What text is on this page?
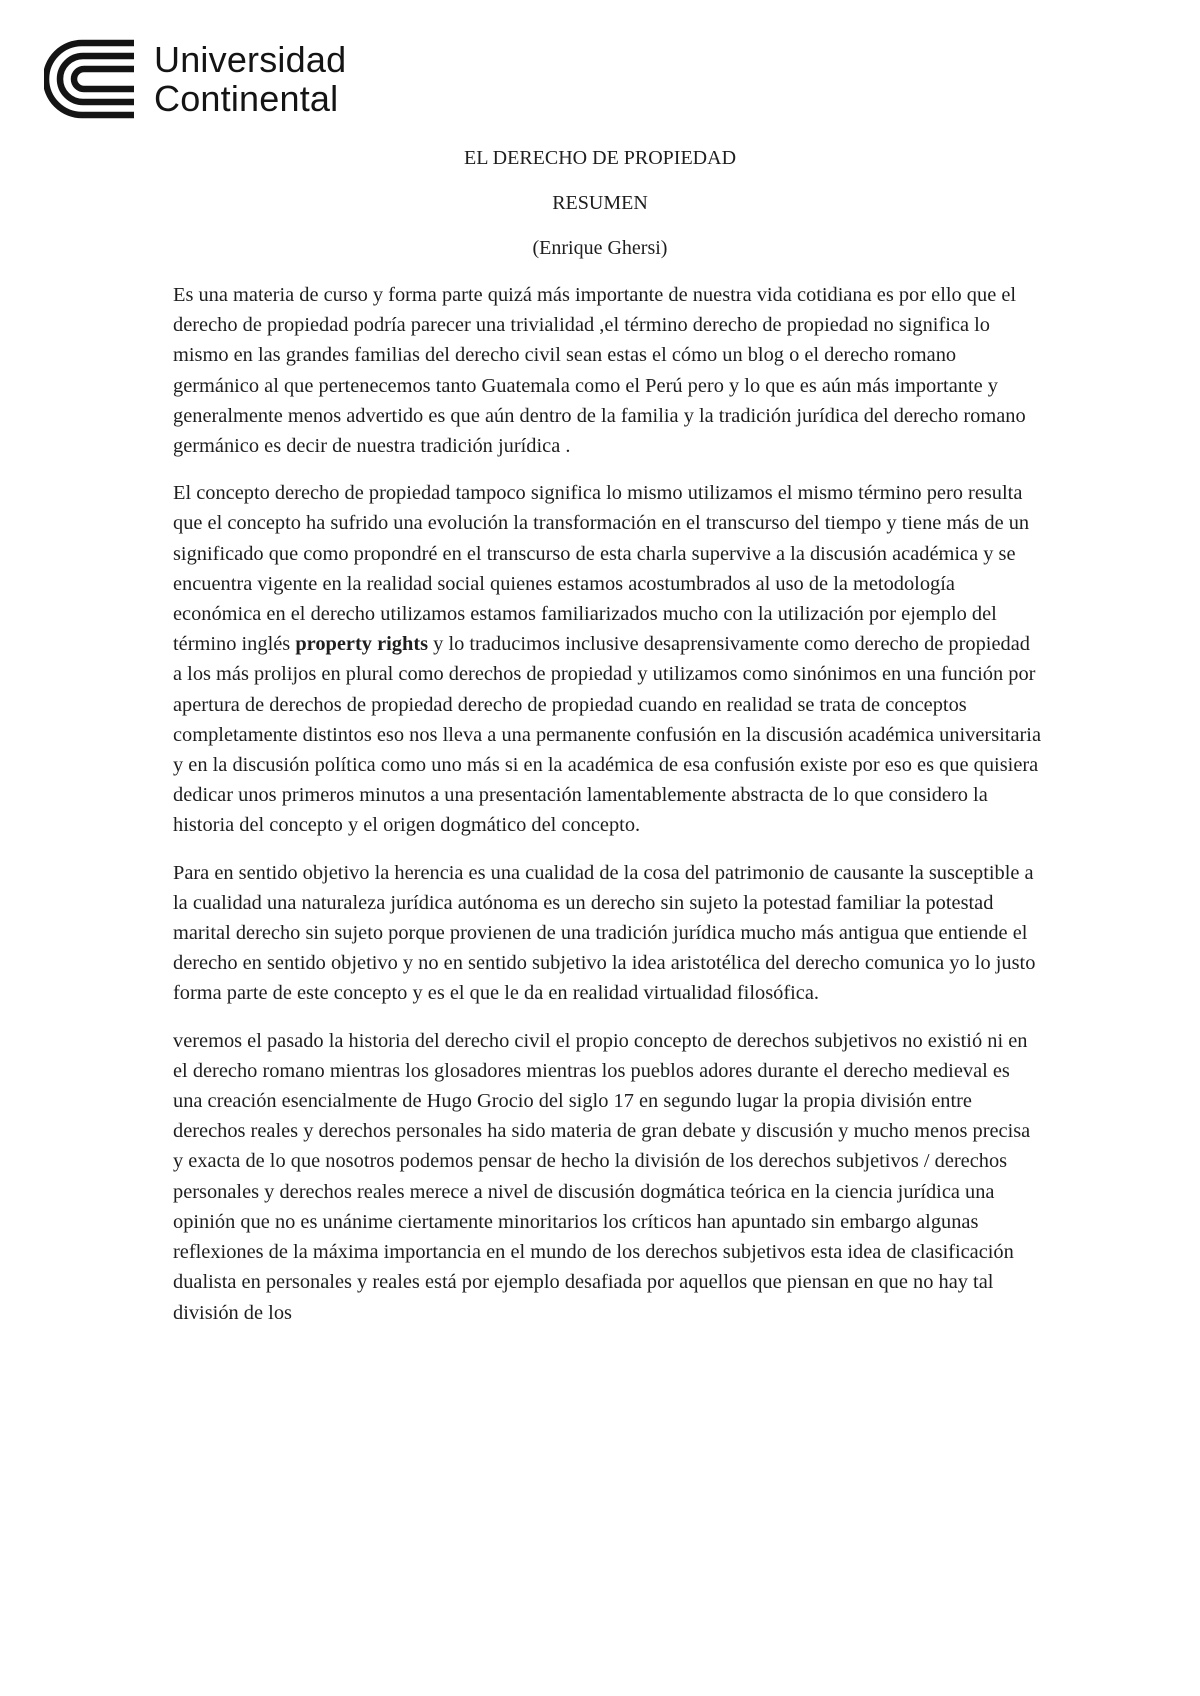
Universidad
Continental
EL DERECHO DE PROPIEDAD
RESUMEN
(Enrique Ghersi)

Es una materia de curso y forma parte quizá más importante de nuestra vida cotidiana es por ello que el derecho de propiedad podría parecer una trivialidad ,el término derecho de propiedad no significa lo mismo en las grandes familias del derecho civil sean estas el cómo un blog o el derecho romano germánico al que pertenecemos tanto Guatemala como el Perú pero y lo que es aún más importante y generalmente menos advertido es que aún dentro de la familia y la tradición jurídica del derecho romano germánico es decir de nuestra tradición jurídica .

El concepto derecho de propiedad tampoco significa lo mismo utilizamos el mismo término pero resulta que el concepto ha sufrido una evolución la transformación en el transcurso del tiempo y tiene más de un significado que como propondré en el transcurso de esta charla supervive a la discusión académica y se encuentra vigente en la realidad social quienes estamos acostumbrados al uso de la metodología económica en el derecho utilizamos estamos familiarizados mucho con la utilización por ejemplo del término inglés property rights y lo traducimos inclusive desaprensivamente como derecho de propiedad a los más prolijos en plural como derechos de propiedad y utilizamos como sinónimos en una función por apertura de derechos de propiedad derecho de propiedad cuando en realidad se trata de conceptos completamente distintos eso nos lleva a una permanente confusión en la discusión académica universitaria y en la discusión política como uno más si en la académica de esa confusión existe por eso es que quisiera dedicar unos primeros minutos a una presentación lamentablemente abstracta de lo que considero la historia del concepto y el origen dogmático del concepto.

Para en sentido objetivo la herencia es una cualidad de la cosa del patrimonio de causante la susceptible a la cualidad una naturaleza jurídica autónoma es un derecho sin sujeto la potestad familiar la potestad marital derecho sin sujeto porque provienen de una tradición jurídica mucho más antigua que entiende el derecho en sentido objetivo y no en sentido subjetivo la idea aristotélica del derecho comunica yo lo justo forma parte de este concepto y es el que le da en realidad virtualidad filosófica.

veremos el pasado la historia del derecho civil el propio concepto de derechos subjetivos no existió ni en el derecho romano mientras los glosadores mientras los pueblos adores durante el derecho medieval es una creación esencialmente de Hugo Grocio del siglo 17 en segundo lugar la propia división entre derechos reales y derechos personales ha sido materia de gran debate y discusión y mucho menos precisa y exacta de lo que nosotros podemos pensar de hecho la división de los derechos subjetivos / derechos personales y derechos reales merece a nivel de discusión dogmática teórica en la ciencia jurídica una opinión que no es unánime ciertamente minoritarios los críticos han apuntado sin embargo algunas reflexiones de la máxima importancia en el mundo de los derechos subjetivos esta idea de clasificación dualista en personales y reales está por ejemplo desafiada por aquellos que piensan en que no hay tal división de los
